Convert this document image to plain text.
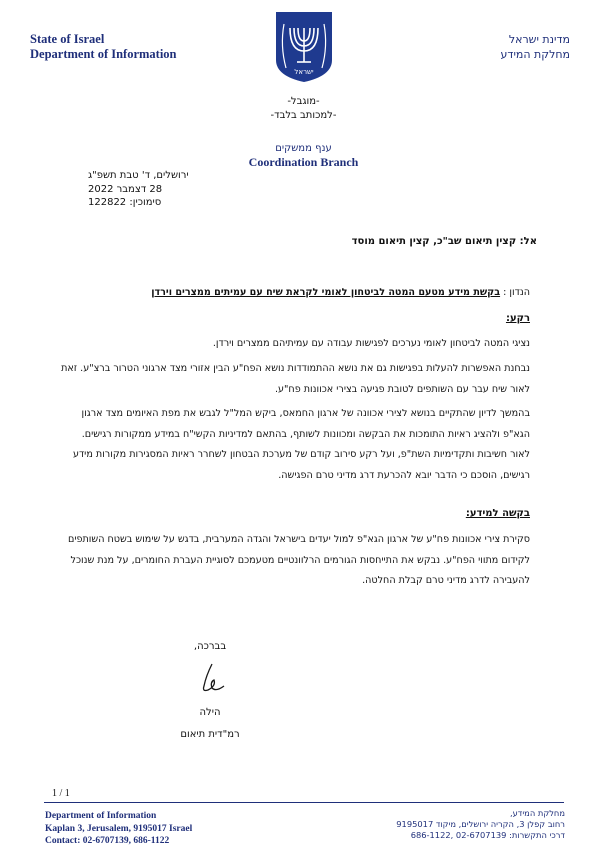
State of Israel
Department of Information
ישראל
מדינת ישראל
מחלקת המידע
-מוגבל-
-למכותב בלבד-
ענף ממשקים
Coordination Branch
ירושלים, ד' טבת תשפ"ג
28 דצמבר 2022
סימוכין: 122822
אל: קצין תיאום שב"כ, קצין תיאום מוסד
הנדון : בקשת מידע מטעם המטה לביטחון לאומי לקראת שיח עם עמיתים ממצרים וירדן
רקע:
נציגי המטה לביטחון לאומי נערכים לפגישות עבודה עם עמיתיהם ממצרים וירדן.
נבחנת האפשרות להעלות בפגישות גם את נושא ההתמודדות נושא הפח"ע הבין אזורי מצד ארגוני הטרור ברצ"ע. זאת לאור שיח עבר עם השותפים לטובת פגיעה בצירי אכוונות פח"ע.
בהמשך לדיון שהתקיים בנושא לצירי אכוונה של ארגון החמאס, ביקש המל"ל לגבש את מפת האיומים מצד ארגון הגא"פ ולהציג ראיות התומכות את הבקשה ומכוונות לשותף, בהתאם למדיניות הקשי"ח במידע ממקורות רגישים. לאור חשיבות ותקדימיות השת"פ, ועל רקע סירוב קודם של מערכת הבטחון לשחרר ראיות המסגירות מקורות מידע רגישים, הוסכם כי הדבר יובא להכרעת דרג מדיני טרם הפגישה.
בקשה למידע:
סקירת צירי אכוונות פח"ע של ארגון הגא"פ למול יעדים בישראל והגדה המערבית, בדגש על שימוש בשטח השותפים לקידום מתווי הפח"ע. נבקש את התייחסות הגורמים הרלוונטיים מטעמכם לסוגיית העברת החומרים, על מנת שנוכל להעבירה לדרג מדיני טרם קבלת החלטה.
בברכה,
הילה
רמ"דית תיאום
1 / 1
Department of Information
Kaplan 3, Jerusalem, 9195017 Israel
Contact: 02-6707139, 686-1122
מחלקת המידע,
רחוב קפלן 3, הקריה ירושלים, מיקוד 9195017
דרכי התקשרות: 02-6707139 ,686-1122
